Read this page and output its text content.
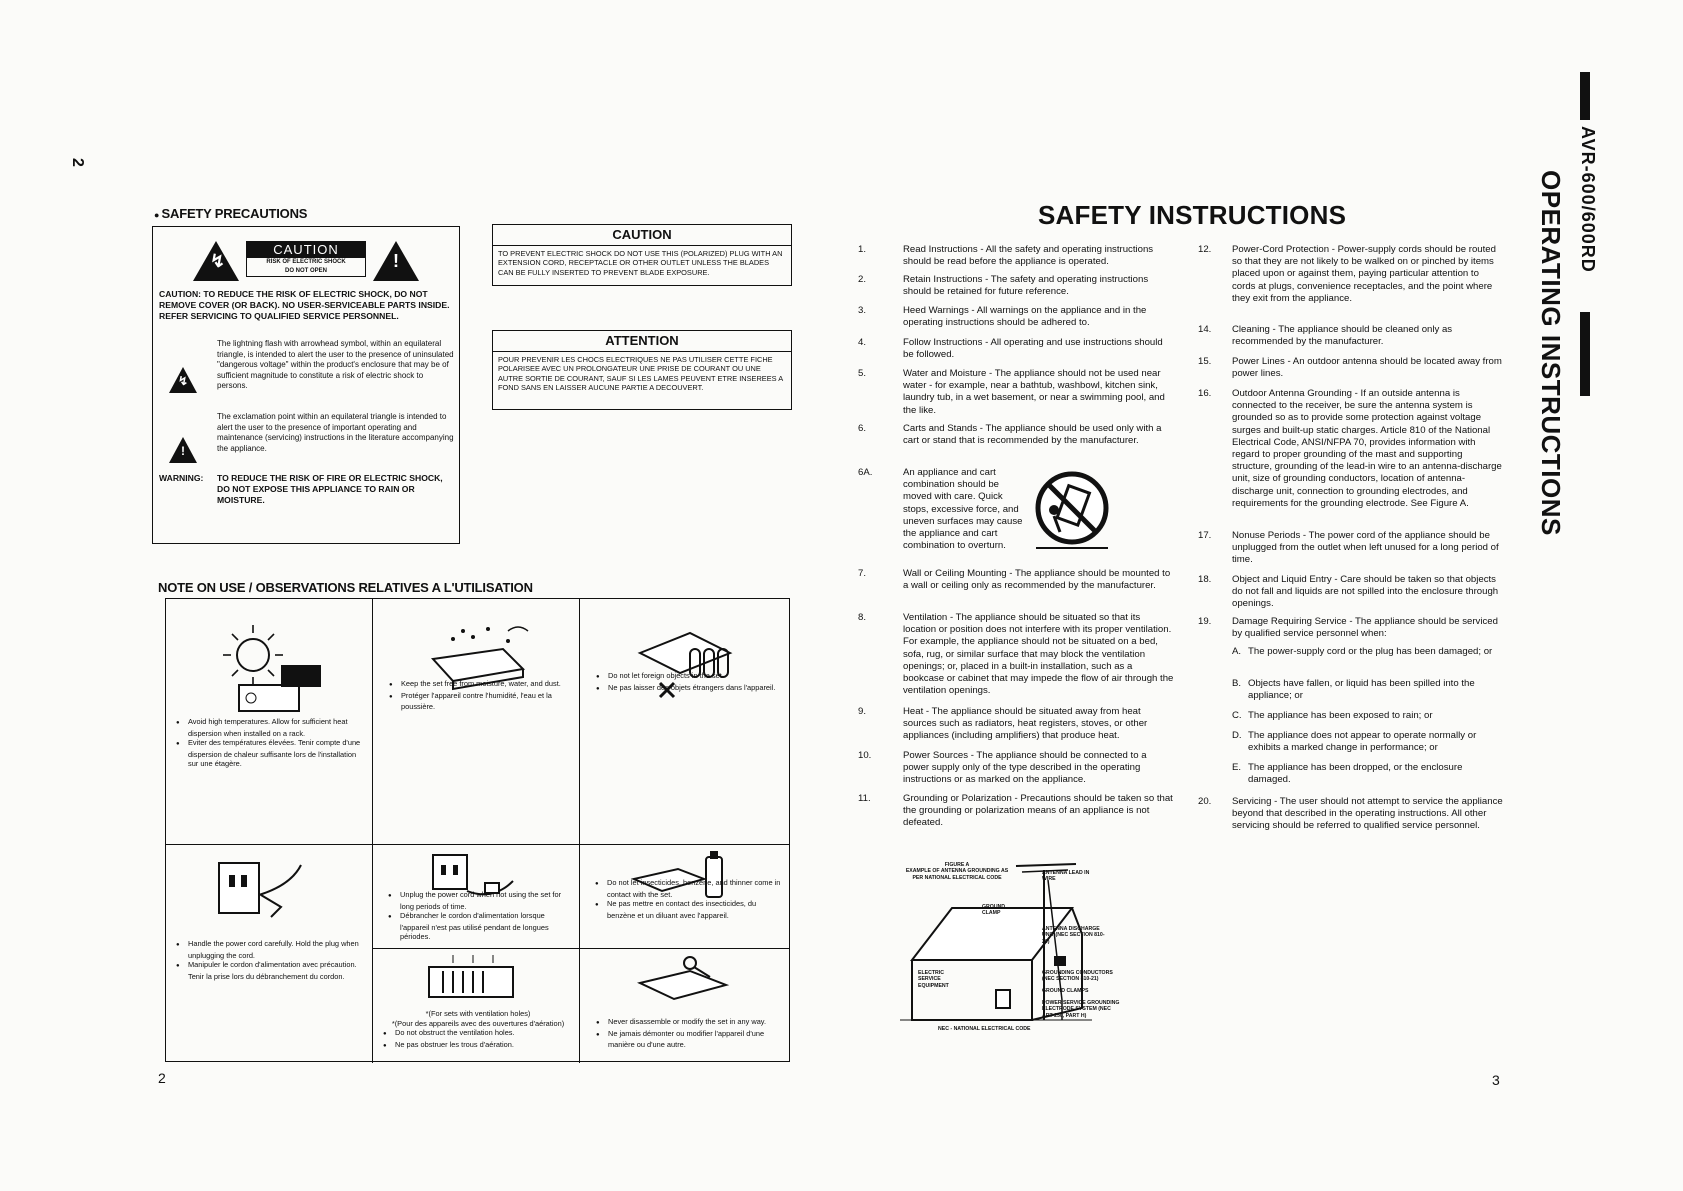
2
● SAFETY PRECAUTIONS
↯
CAUTION
RISK OF ELECTRIC SHOCK
DO NOT OPEN	!
CAUTION: TO REDUCE THE RISK OF ELECTRIC SHOCK, DO NOT REMOVE COVER (OR BACK). NO USER-SERVICEABLE PARTS INSIDE. REFER SERVICING TO QUALIFIED SERVICE PERSONNEL.
↯
The lightning flash with arrowhead symbol, within an equilateral triangle, is intended to alert the user to the presence of uninsulated "dangerous voltage" within the product's enclosure that may be of sufficient magnitude to constitute a risk of electric shock to persons.
!
The exclamation point within an equilateral triangle is intended to alert the user to the presence of important operating and maintenance (servicing) instructions in the literature accompanying the appliance.
WARNING: TO REDUCE THE RISK OF FIRE OR ELECTRIC SHOCK, DO NOT EXPOSE THIS APPLIANCE TO RAIN OR MOISTURE.
CAUTION
TO PREVENT ELECTRIC SHOCK DO NOT USE THIS (POLARIZED) PLUG WITH AN EXTENSION CORD, RECEPTACLE OR OTHER OUTLET UNLESS THE BLADES CAN BE FULLY INSERTED TO PREVENT BLADE EXPOSURE.
ATTENTION
POUR PREVENIR LES CHOCS ELECTRIQUES NE PAS UTILISER CETTE FICHE POLARISEE AVEC UN PROLONGATEUR UNE PRISE DE COURANT OU UNE AUTRE SORTIE DE COURANT, SAUF SI LES LAMES PEUVENT ETRE INSEREES A FOND SANS EN LAISSER AUCUNE PARTIE A DECOUVERT.
NOTE ON USE / OBSERVATIONS RELATIVES A L'UTILISATION
● Avoid high temperatures. Allow for sufficient heat dispersion when installed on a rack.
● Eviter des températures élevées. Tenir compte d'une dispersion de chaleur suffisante lors de l'installation sur une étagère.
● Keep the set free from moisture, water, and dust.
● Protéger l'appareil contre l'humidité, l'eau et la poussière.
● Do not let foreign objects in the set.
● Ne pas laisser des objets étrangers dans l'appareil.
● Handle the power cord carefully. Hold the plug when unplugging the cord.
● Manipuler le cordon d'alimentation avec précaution. Tenir la prise lors du débranchement du cordon.
*(For sets with ventilation holes)
*(Pour des appareils avec des ouvertures d'aération)
● Do not obstruct the ventilation holes.
● Ne pas obstruer les trous d'aération.
● Never disassemble or modify the set in any way.
● Ne jamais démonter ou modifier l'appareil d'une manière ou d'une autre.
● Unplug the power cord when not using the set for long periods of time.
● Débrancher le cordon d'alimentation lorsque l'appareil n'est pas utilisé pendant de longues périodes.
● Do not let insecticides, benzene, and thinner come in contact with the set.
● Ne pas mettre en contact des insecticides, du benzène et un diluant avec l'appareil.
2
SAFETY INSTRUCTIONS
1.	Read Instructions - All the safety and operating instructions should be read before the appliance is operated.
2.	Retain Instructions - The safety and operating instructions should be retained for future reference.
3.	Heed Warnings - All warnings on the appliance and in the operating instructions should be adhered to.
4.	Follow Instructions - All operating and use instructions should be followed.
5.	Water and Moisture - The appliance should not be used near water - for example, near a bathtub, washbowl, kitchen sink, laundry tub, in a wet basement, or near a swimming pool, and the like.
6.	Carts and Stands - The appliance should be used only with a cart or stand that is recommended by the manufacturer.
6A.	An appliance and cart combination should be moved with care. Quick stops, excessive force, and uneven surfaces may cause the appliance and cart combination to overturn.
7.	Wall or Ceiling Mounting - The appliance should be mounted to a wall or ceiling only as recommended by the manufacturer.
8.	Ventilation - The appliance should be situated so that its location or position does not interfere with its proper ventilation. For example, the appliance should not be situated on a bed, sofa, rug, or similar surface that may block the ventilation openings; or, placed in a built-in installation, such as a bookcase or cabinet that may impede the flow of air through the ventilation openings.
9.	Heat - The appliance should be situated away from heat sources such as radiators, heat registers, stoves, or other appliances (including amplifiers) that produce heat.
10.	Power Sources - The appliance should be connected to a power supply only of the type described in the operating instructions or as marked on the appliance.
11.	Grounding or Polarization - Precautions should be taken so that the grounding or polarization means of an appliance is not defeated.
FIGURE A
EXAMPLE OF ANTENNA GROUNDING AS PER NATIONAL ELECTRICAL CODE
ANTENNA LEAD IN WIRE
GROUND CLAMP
ANTENNA DISCHARGE UNIT (NEC SECTION 810-20)
ELECTRIC SERVICE EQUIPMENT
GROUNDING CONDUCTORS (NEC SECTION 810-21)
GROUND CLAMPS
POWER SERVICE GROUNDING ELECTRODE SYSTEM (NEC ART 250, PART H)
NEC - NATIONAL ELECTRICAL CODE
12. Power-Cord Protection - Power-supply cords should be routed so that they are not likely to be walked on or pinched by items placed upon or against them, paying particular attention to cords at plugs, convenience receptacles, and the point where they exit from the appliance.
14. Cleaning - The appliance should be cleaned only as recommended by the manufacturer.
15. Power Lines - An outdoor antenna should be located away from power lines.
16. Outdoor Antenna Grounding - If an outside antenna is connected to the receiver, be sure the antenna system is grounded so as to provide some protection against voltage surges and built-up static charges. Article 810 of the National Electrical Code, ANSI/NFPA 70, provides information with regard to proper grounding of the mast and supporting structure, grounding of the lead-in wire to an antenna-discharge unit, size of grounding conductors, location of antenna-discharge unit, connection to grounding electrodes, and requirements for the grounding electrode. See Figure A.
17. Nonuse Periods - The power cord of the appliance should be unplugged from the outlet when left unused for a long period of time.
18. Object and Liquid Entry - Care should be taken so that objects do not fall and liquids are not spilled into the enclosure through openings.
19. Damage Requiring Service - The appliance should be serviced by qualified service personnel when:
A. The power-supply cord or the plug has been damaged; or
B. Objects have fallen, or liquid has been spilled into the appliance; or
C. The appliance has been exposed to rain; or
D. The appliance does not appear to operate normally or exhibits a marked change in performance; or
E. The appliance has been dropped, or the enclosure damaged.
20. Servicing - The user should not attempt to service the appliance beyond that described in the operating instructions. All other servicing should be referred to qualified service personnel.
3
AVR-600/600RD
OPERATING INSTRUCTIONS
